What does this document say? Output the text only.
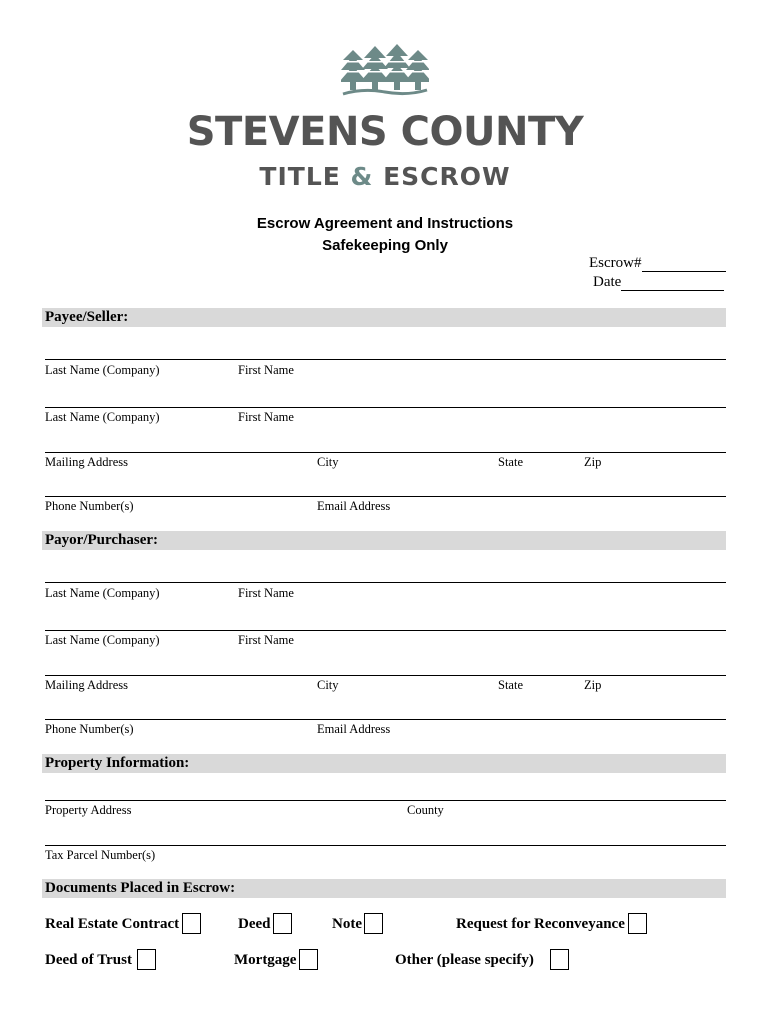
STEVENS COUNTY
TITLE & ESCROW
Escrow Agreement and Instructions
Safekeeping Only
Escrow#
Date
Payee/Seller:
Last Name (Company)	First Name
Last Name (Company)	First Name
Mailing Address	City	State	Zip
Phone Number(s)	Email Address
Payor/Purchaser:
Last Name (Company)	First Name
Last Name (Company)	First Name
Mailing Address	City	State	Zip
Phone Number(s)	Email Address
Property Information:
Property Address	County
Tax Parcel Number(s)
Documents Placed in Escrow:
Real Estate Contract	Deed	Note	Request for Reconveyance
Deed of Trust	Mortgage	Other (please specify)
